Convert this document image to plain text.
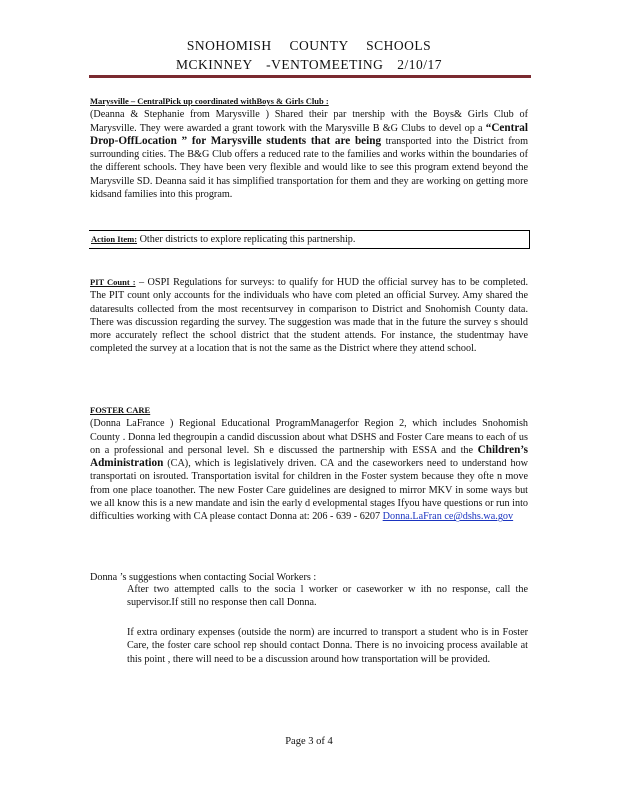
SNOHOMISH COUNTY SCHOOLS
MCKINNEY -VENTOMEETING 2/10/17
Marysville – CentralPick up coordinated withBoys & Girls Club :
(Deanna & Stephanie from Marysville ) Shared their par tnership with the Boys& Girls Club of Marysville. They were awarded a grant towork with the Marysville B &G Clubs to devel op a “Central Drop-OffLocation ” for Marysville students that are being transported into the District from surrounding cities. The B&G Club offers a reduced rate to the families and works within the boundaries of the different schools. They have been very flexible and would like to see this program extend beyond the Marysville SD. Deanna said it has simplified transportation for them and they are working on getting more kidsand families into this program.
Action Item: Other districts to explore replicating this partnership.
PIT Count : – OSPI Regulations for surveys: to qualify for HUD the official survey has to be completed. The PIT count only accounts for the individuals who have com pleted an official Survey. Amy shared the dataresults collected from the most recentsurvey in comparison to District and Snohomish County data. There was discussion regarding the survey. The suggestion was made that in the future the survey s should more accurately reflect the school district that the student attends. For instance, the studentmay have completed the survey at a location that is not the same as the District where they attend school.
FOSTER CARE
(Donna LaFrance ) Regional Educational ProgramManagerfor Region 2, which includes Snohomish County . Donna led thegroupin a candid discussion about what DSHS and Foster Care means to each of us on a professional and personal level. Sh e discussed the partnership with ESSA and the Children’s Administration (CA), which is legislatively driven. CA and the caseworkers need to understand how transportati on isrouted. Transportation isvital for children in the Foster system because they ofte n move from one place toanother. The new Foster Care guidelines are designed to mirror MKV in some ways but we all know this is a new mandate and isin the early d evelopmental stages Ifyou have questions or run into difficulties working with CA please contact Donna at: 206 - 639 - 6207 Donna.LaFran ce@dshs.wa.gov
Donna ’s suggestions when contacting Social Workers :
After two attempted calls to the socia l worker or caseworker w ith no response, call the supervisor.If still no response then call Donna.
If extra ordinary expenses (outside the norm) are incurred to transport a student who is in Foster Care, the foster care school rep should contact Donna. There is no invoicing process available at this point , there will need to be a discussion around how transportation will be provided.
Page 3 of 4
